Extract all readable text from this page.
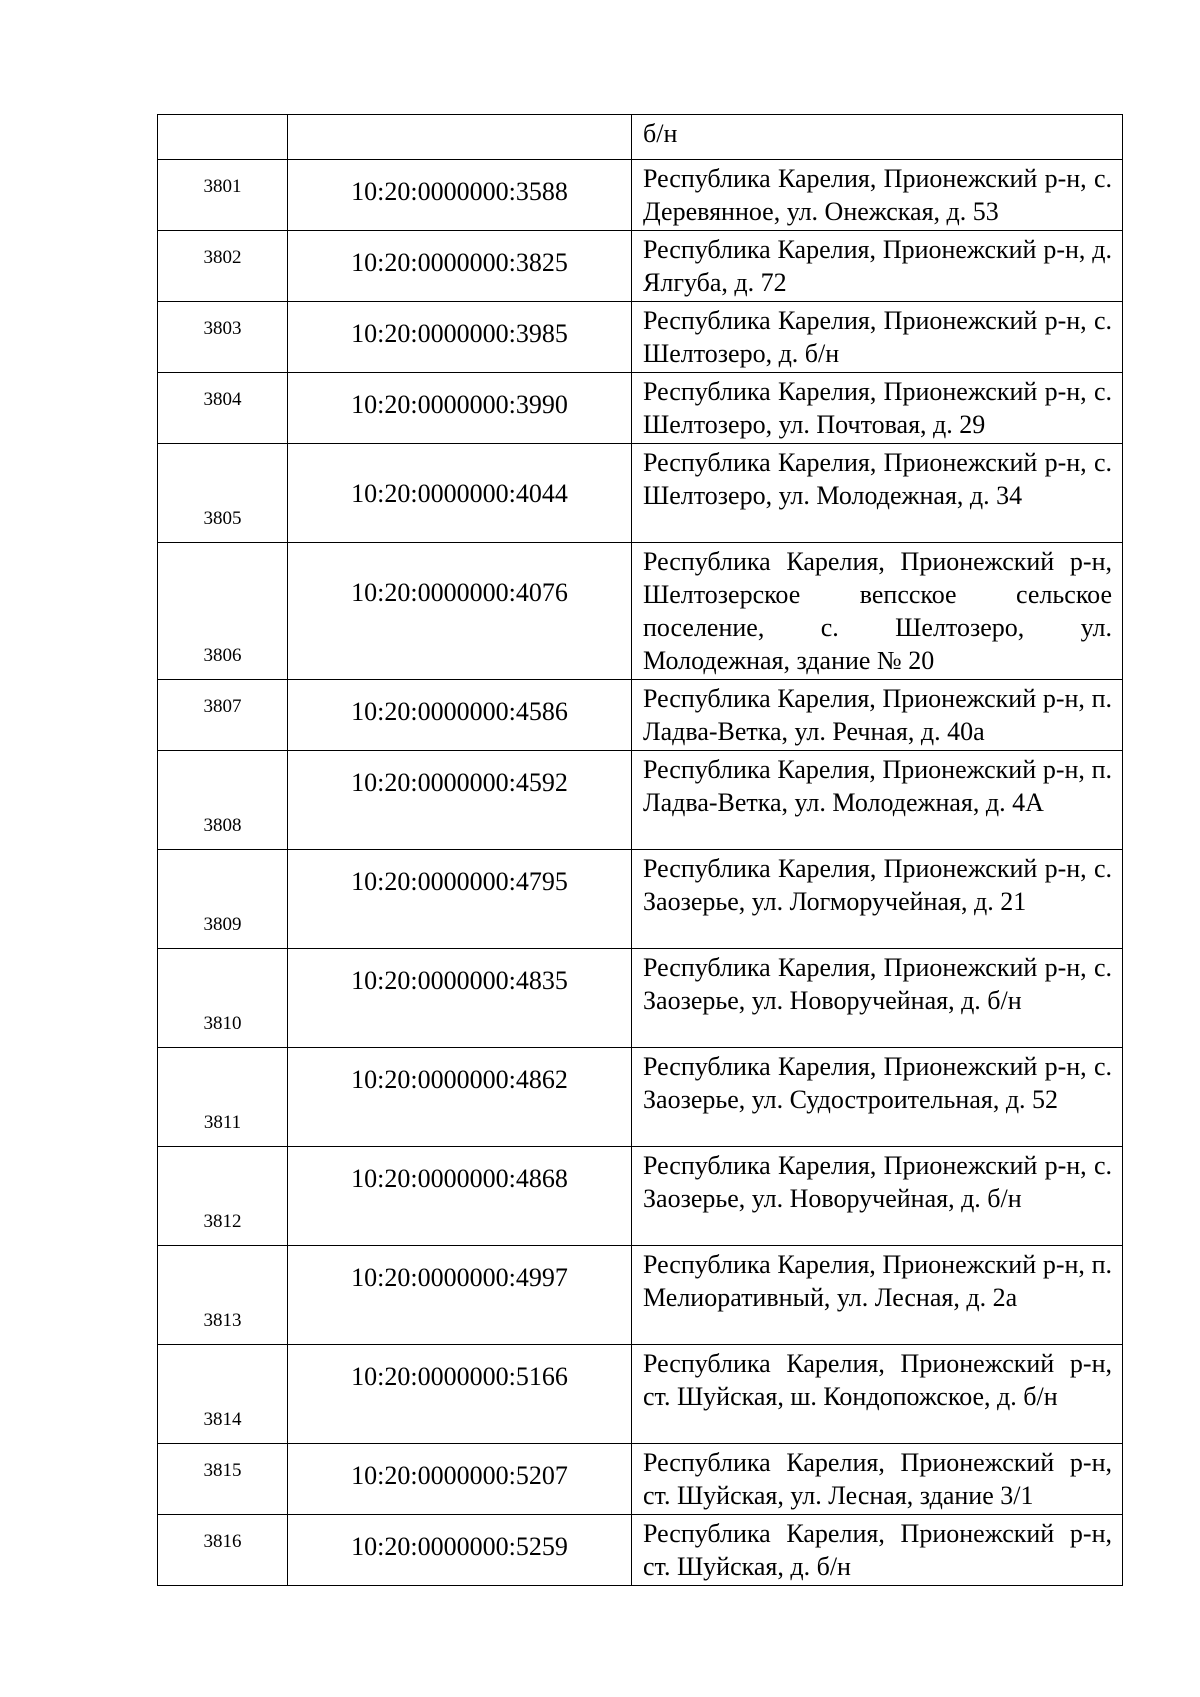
		б/н
3801	10:20:0000000:3588	Республика Карелия, Прионежский р-н, с. Деревянное, ул. Онежская, д. 53
3802	10:20:0000000:3825	Республика Карелия, Прионежский р-н, д. Ялгуба, д. 72
3803	10:20:0000000:3985	Республика Карелия, Прионежский р-н, с. Шелтозеро, д. б/н
3804	10:20:0000000:3990	Республика Карелия, Прионежский р-н, с. Шелтозеро, ул. Почтовая, д. 29
3805	10:20:0000000:4044	Республика Карелия, Прионежский р-н, с. Шелтозеро, ул. Молодежная, д. 34
3806	10:20:0000000:4076	Республика Карелия, Прионежский р-н, Шелтозерское вепсское сельское поселение, с. Шелтозеро, ул. Молодежная, здание № 20
3807	10:20:0000000:4586	Республика Карелия, Прионежский р-н, п. Ладва-Ветка, ул. Речная, д. 40а
3808	10:20:0000000:4592	Республика Карелия, Прионежский р-н, п. Ладва-Ветка, ул. Молодежная, д. 4А
3809	10:20:0000000:4795	Республика Карелия, Прионежский р-н, с. Заозерье, ул. Логморучейная, д. 21
3810	10:20:0000000:4835	Республика Карелия, Прионежский р-н, с. Заозерье, ул. Новоручейная, д. б/н
3811	10:20:0000000:4862	Республика Карелия, Прионежский р-н, с. Заозерье, ул. Судостроительная, д. 52
3812	10:20:0000000:4868	Республика Карелия, Прионежский р-н, с. Заозерье, ул. Новоручейная, д. б/н
3813	10:20:0000000:4997	Республика Карелия, Прионежский р-н, п. Мелиоративный, ул. Лесная, д. 2а
3814	10:20:0000000:5166	Республика Карелия, Прионежский р-н, ст. Шуйская, ш. Кондопожское, д. б/н
3815	10:20:0000000:5207	Республика Карелия, Прионежский р-н, ст. Шуйская, ул. Лесная, здание 3/1
3816	10:20:0000000:5259	Республика Карелия, Прионежский р-н, ст. Шуйская, д. б/н
